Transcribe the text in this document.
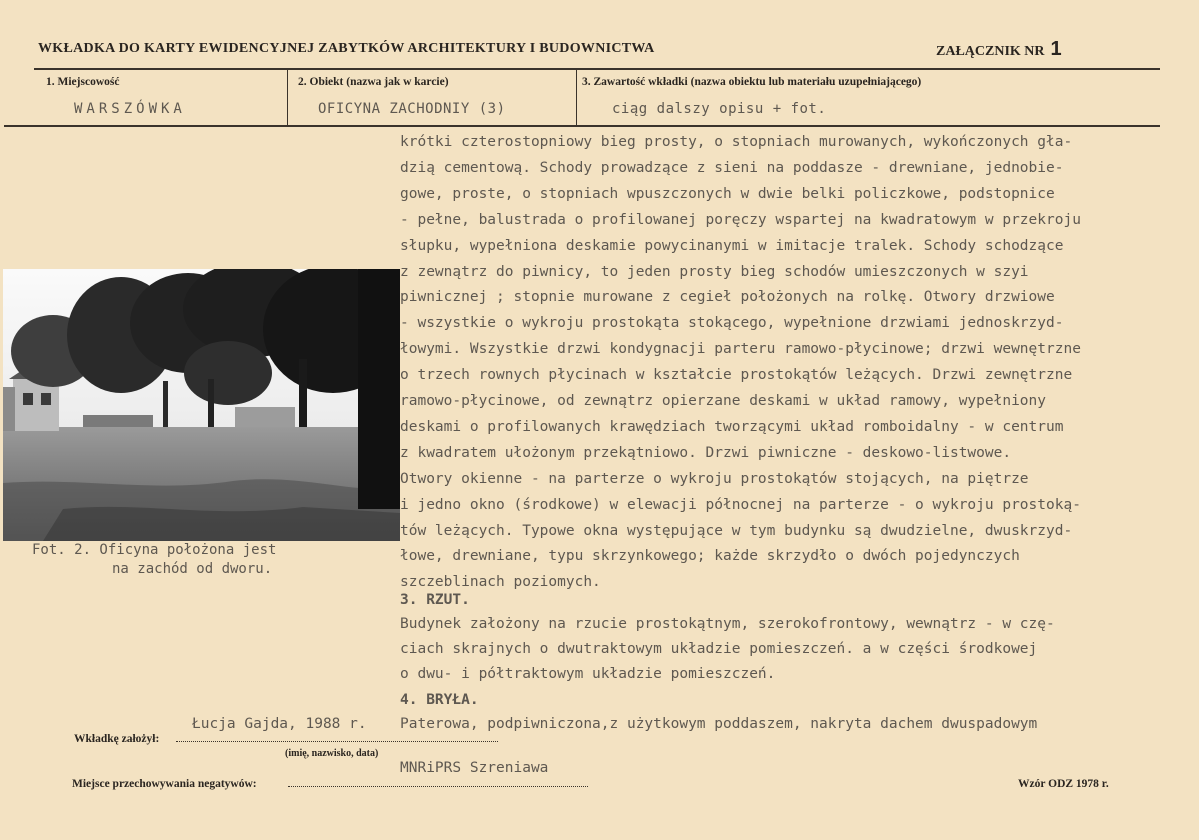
WKŁADKA DO KARTY EWIDENCYJNEJ ZABYTKÓW ARCHITEKTURY I BUDOWNICTWA	ZAŁĄCZNIK NR 1
1. Miejscowość
WARSZÓWKA
2. Obiekt (nazwa jak w karcie)
OFICYNA ZACHODNIY (3)
3. Zawartość wkładki (nazwa obiektu lub materiału uzupełniającego)
ciąg dalszy opisu + fot.
krótki czterostopniowy bieg prosty, o stopniach murowanych, wykończonych gła-
dzią cementową. Schody prowadzące z sieni na poddasze - drewniane, jednobie-
gowe, proste, o stopniach wpuszczonych w dwie belki policzkowe, podstopnice
- pełne, balustrada o profilowanej poręczy wspartej na kwadratowym w przekroju
słupku, wypełniona deskamie powycinanymi w imitacje tralek. Schody schodzące
z zewnątrz do piwnicy, to jeden prosty bieg schodów umieszczonych w szyi
piwnicznej ; stopnie murowane z cegieł położonych na rolkę. Otwory drzwiowe
- wszystkie o wykroju prostokąta stokącego, wypełnione drzwiami jednoskrzyd-
łowymi. Wszystkie drzwi kondygnacji parteru ramowo-płycinowe; drzwi wewnętrzne
o trzech rownych płycinach w kształcie prostokątów leżących. Drzwi zewnętrzne
ramowo-płycinowe, od zewnątrz opierzane deskami w układ ramowy, wypełniony
deskami o profilowanych krawędziach tworzącymi układ romboidalny - w centrum
z kwadratem ułożonym przekątniowo. Drzwi piwniczne - deskowo-listwowe.
Otwory okienne - na parterze o wykroju prostokątów stojących, na piętrze
i jedno okno (środkowe) w elewacji północnej na parterze - o wykroju prostoką-
tów leżących. Typowe okna występujące w tym budynku są dwudzielne, dwuskrzyd-
łowe, drewniane, typu skrzynkowego; każde skrzydło o dwóch pojedynczych
szczeblinach poziomych.
3. RZUT.
Budynek założony na rzucie prostokątnym, szerokofrontowy, wewnątrz - w czę-
ciach skrajnych o dwutraktowym układzie pomieszczeń. a w części środkowej
o dwu- i półtraktowym układzie pomieszczeń.
4. BRYŁA.
Paterowa, podpiwniczona,z użytkowym poddaszem, nakryta dachem dwuspadowym
Fot. 2. Oficyna położona jest
na zachód od dworu.
Wkładkę założył:
Łucja Gajda, 1988 r.
(imię, nazwisko, data)
MNRiPRS Szreniawa
Miejsce przechowywania negatywów:	Wzór ODZ 1978 r.
